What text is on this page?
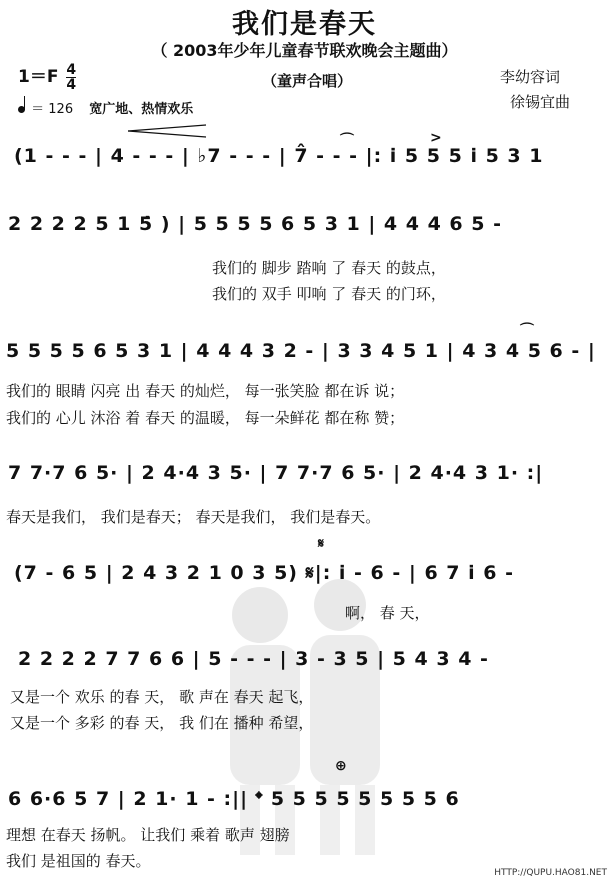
我们是春天
（ 2003年少年儿童春节联欢晚会主题曲）
（童声合唱）	李幼容词
徐锡宜曲
$1=F \frac{4}{4}$
＝ 126 宽广地、热情欢乐
(1 - - - | 4 - - - | ♭7 - - - | 7̂ - - - |: i̇ 5 5 5 i̇ 5 3 1
2 2 2 2 5 1 5̇ ) | 5 5 5 5 6 5 3 1 | 4 4 4 6 5 -
我们的 脚步 踏响 了 春天 的鼓点，
我们的 双手 叩响 了 春天 的门环，
5 5 5 5 6 5 3 1 | 4 4 4 3 2 - | 3 3 4 5 1 | 4 3 4 5 6 - |
我们的 眼睛 闪亮 出 春天 的灿烂， 每一张笑脸 都在诉 说；
我们的 心儿 沐浴 着 春天 的温暖， 每一朵鲜花 都在称 赞；
7 7·7 6 5· | 2 4·4 3 5· | 7 7·7 6 5· | 2 4·4 3 1· :|
春天是我们， 我们是春天； 春天是我们， 我们是春天。
(7 - 6 5 | 2 4 3 2 1 0 3 5) 𝄋|: i̇ - 6 - | 6 7 i̇ 6 -
啊， 春 天，
2 2 2 2 7 7 6 6 | 5 - - - | 3 - 3 5 | 5 4 3 4 -
又是一个 欢乐 的春 天， 歌 声在 春天 起飞，
又是一个 多彩 的春 天， 我 们在 播种 希望，
6 6·6 5 7 | 2 1· 1 - :|| 𝄌 5 5 5 5 5 5 5 5 6
理想 在春天 扬帆。 让我们 乘着 歌声 翅膀
我们 是祖国的 春天。
𝄋
⊕
⌒
⌒
>
HTTP://QUPU.HAO81.NET
